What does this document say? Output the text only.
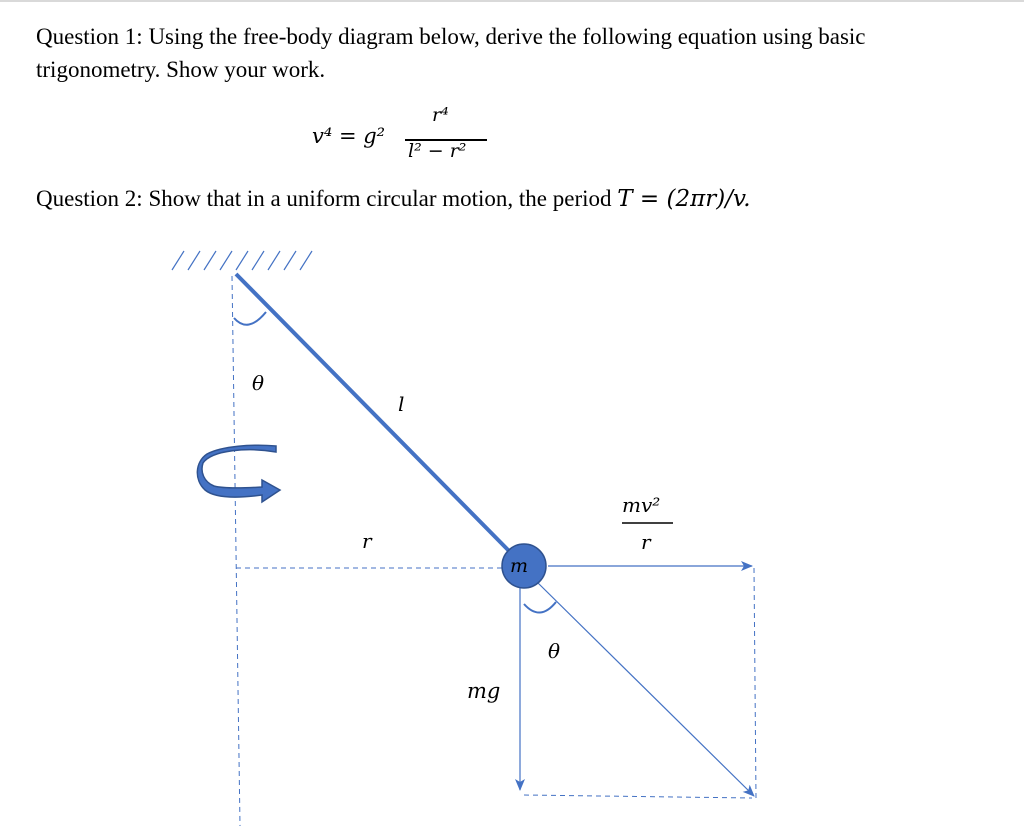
Question 1: Using the free-body diagram below, derive the following equation using basic
trigonometry. Show your work.
v⁴ = g²
r⁴
l² − r²
Question 2: Show that in a uniform circular motion, the period T = (2πr)/v.
θ
l
r
m
mg
θ
mv²
r
